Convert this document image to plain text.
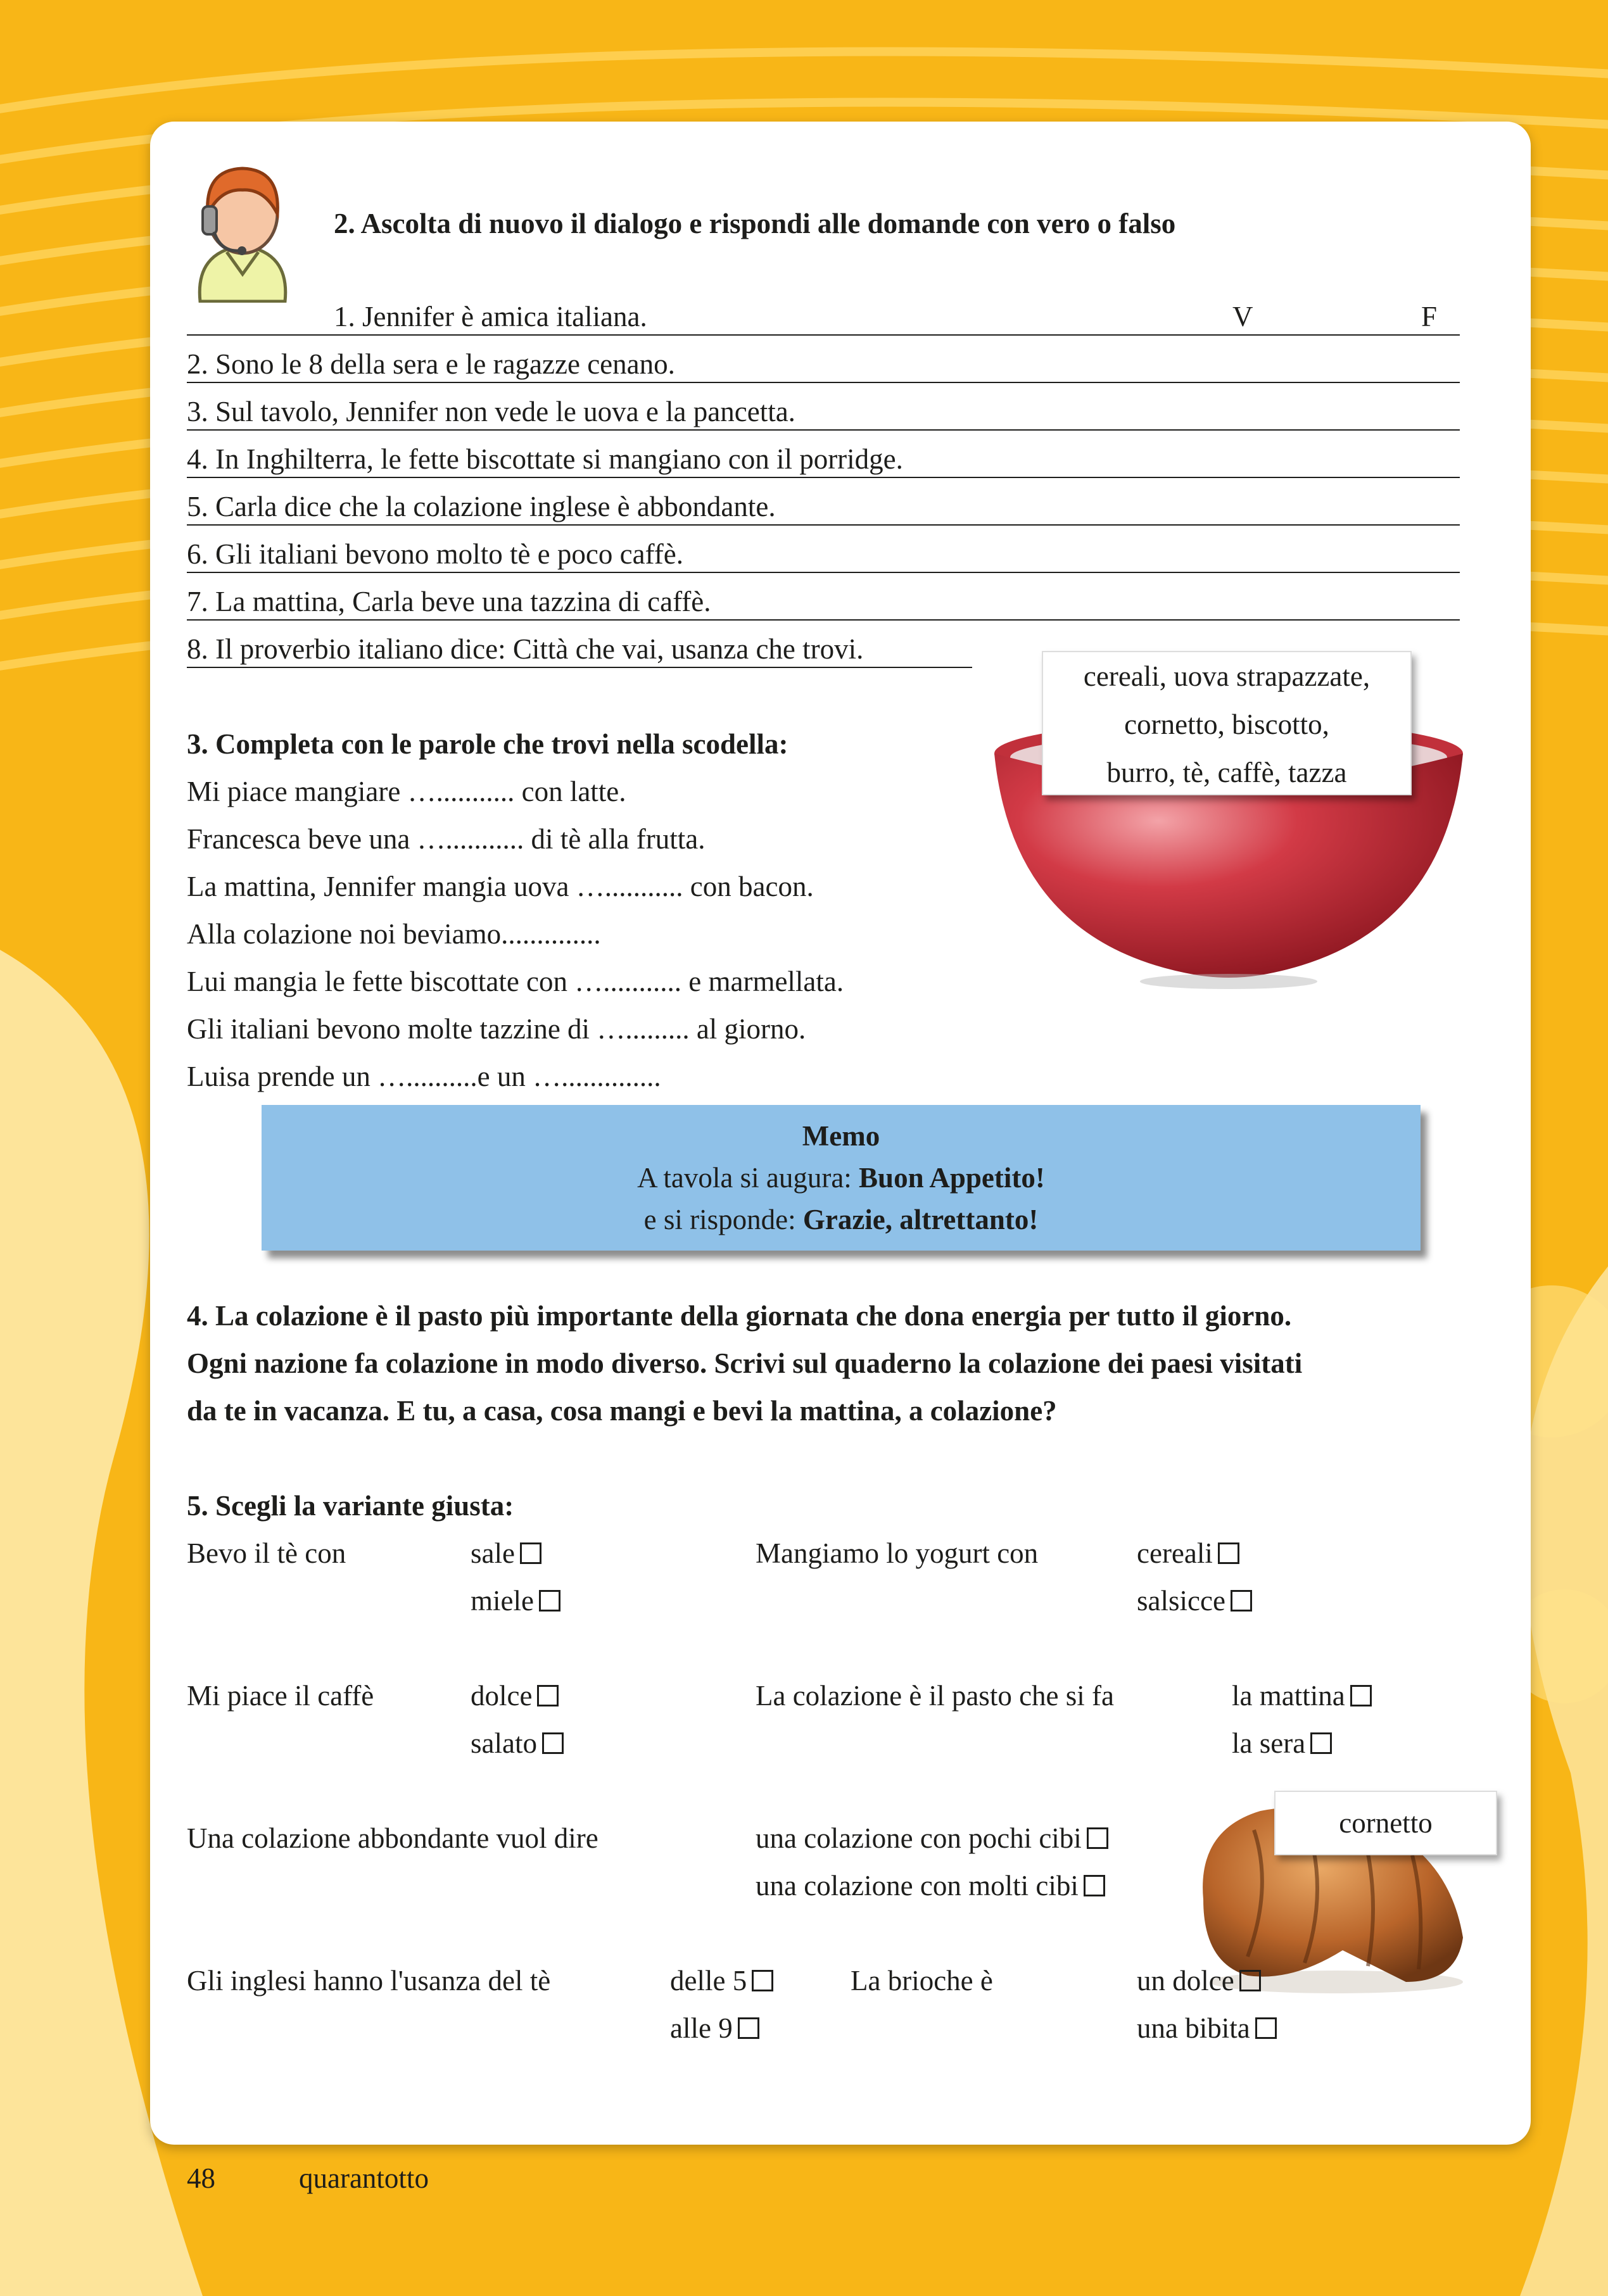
2. Ascolta di nuovo il dialogo e rispondi alle domande con vero o falso
1. Jennifer è amica italiana.	V	F
2. Sono le 8 della sera e le ragazze cenano.
3. Sul tavolo, Jennifer non vede le uova e la pancetta.
4. In Inghilterra, le fette biscottate si mangiano con il porridge.
5. Carla dice che la colazione inglese è abbondante.
6. Gli italiani bevono molto tè e poco caffè.
7. La mattina, Carla beve una tazzina di caffè.
8. Il proverbio italiano dice: Città che vai, usanza che trovi.
cereali, uova strapazzate,
cornetto, biscotto,
burro, tè, caffè, tazza
3. Completa con le parole che trovi nella scodella:
Mi piace mangiare …........... con latte.
Francesca beve una …........... di tè alla frutta.
La mattina, Jennifer mangia uova …........... con bacon.
Alla colazione noi beviamo..............
Lui mangia le fette biscottate con …........... e marmellata.
Gli italiani bevono molte tazzine di …......... al giorno.
Luisa prende un …..........e un …..............
Memo
A tavola si augura: Buon Appetito!
e si risponde: Grazie, altrettanto!
4. La colazione è il pasto più importante della giornata che dona energia per tutto il giorno.
Ogni nazione fa colazione in modo diverso. Scrivi sul quaderno la colazione dei paesi visitati
da te in vacanza. E tu, a casa, cosa mangi e bevi la mattina, a colazione?
5. Scegli la variante giusta:
Bevo il tè con	sale
miele
Mangiamo lo yogurt con	cereali
salsicce
Mi piace il caffè	dolce
salato
La colazione è il pasto che si fa	la mattina
la sera
cornetto
Una colazione abbondante vuol dire	una colazione con pochi cibi
una colazione con molti cibi
Gli inglesi hanno l'usanza del tè	delle 5
alle 9
La brioche è	un dolce
una bibita
48	quarantotto
